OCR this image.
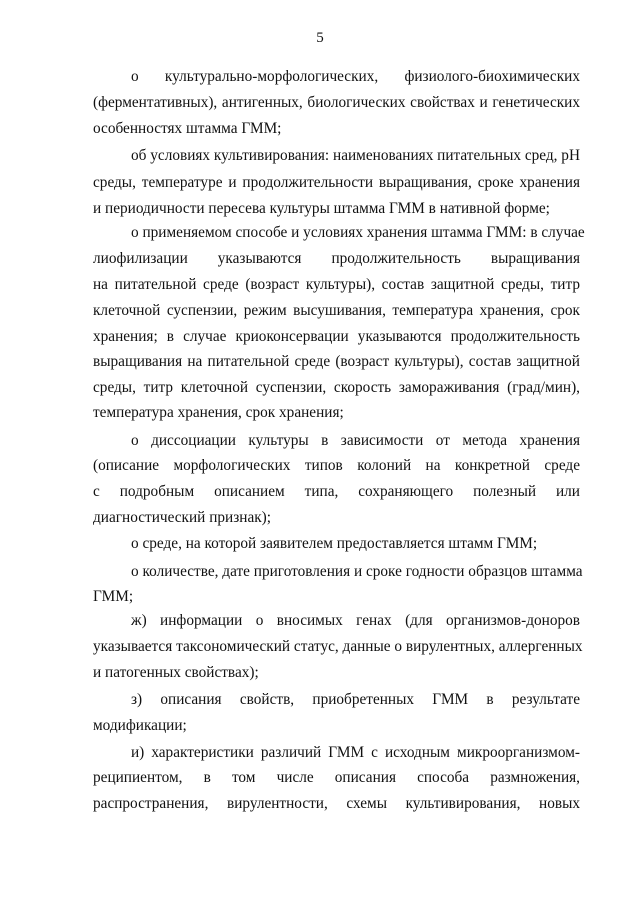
5
о культурально-морфологических, физиолого-биохимических
(ферментативных), антигенных, биологических свойствах и генетических
особенностях штамма ГММ;
об условиях культивирования: наименованиях питательных сред, pH
среды, температуре и продолжительности выращивания, сроке хранения
и периодичности пересева культуры штамма ГММ в нативной форме;
о применяемом способе и условиях хранения штамма ГММ: в случае
лиофилизации указываются продолжительность выращивания
на питательной среде (возраст культуры), состав защитной среды, титр
клеточной суспензии, режим высушивания, температура хранения, срок
хранения; в случае криоконсервации указываются продолжительность
выращивания на питательной среде (возраст культуры), состав защитной
среды, титр клеточной суспензии, скорость замораживания (град/мин),
температура хранения, срок хранения;
о диссоциации культуры в зависимости от метода хранения
(описание морфологических типов колоний на конкретной среде
с подробным описанием типа, сохраняющего полезный или
диагностический признак);
о среде, на которой заявителем предоставляется штамм ГММ;
о количестве, дате приготовления и сроке годности образцов штамма
ГММ;
ж) информации о вносимых генах (для организмов-доноров
указывается таксономический статус, данные о вирулентных, аллергенных
и патогенных свойствах);
з) описания свойств, приобретенных ГММ в результате
модификации;
и) характеристики различий ГММ с исходным микроорганизмом-
реципиентом, в том числе описания способа размножения,
распространения, вирулентности, схемы культивирования, новых
